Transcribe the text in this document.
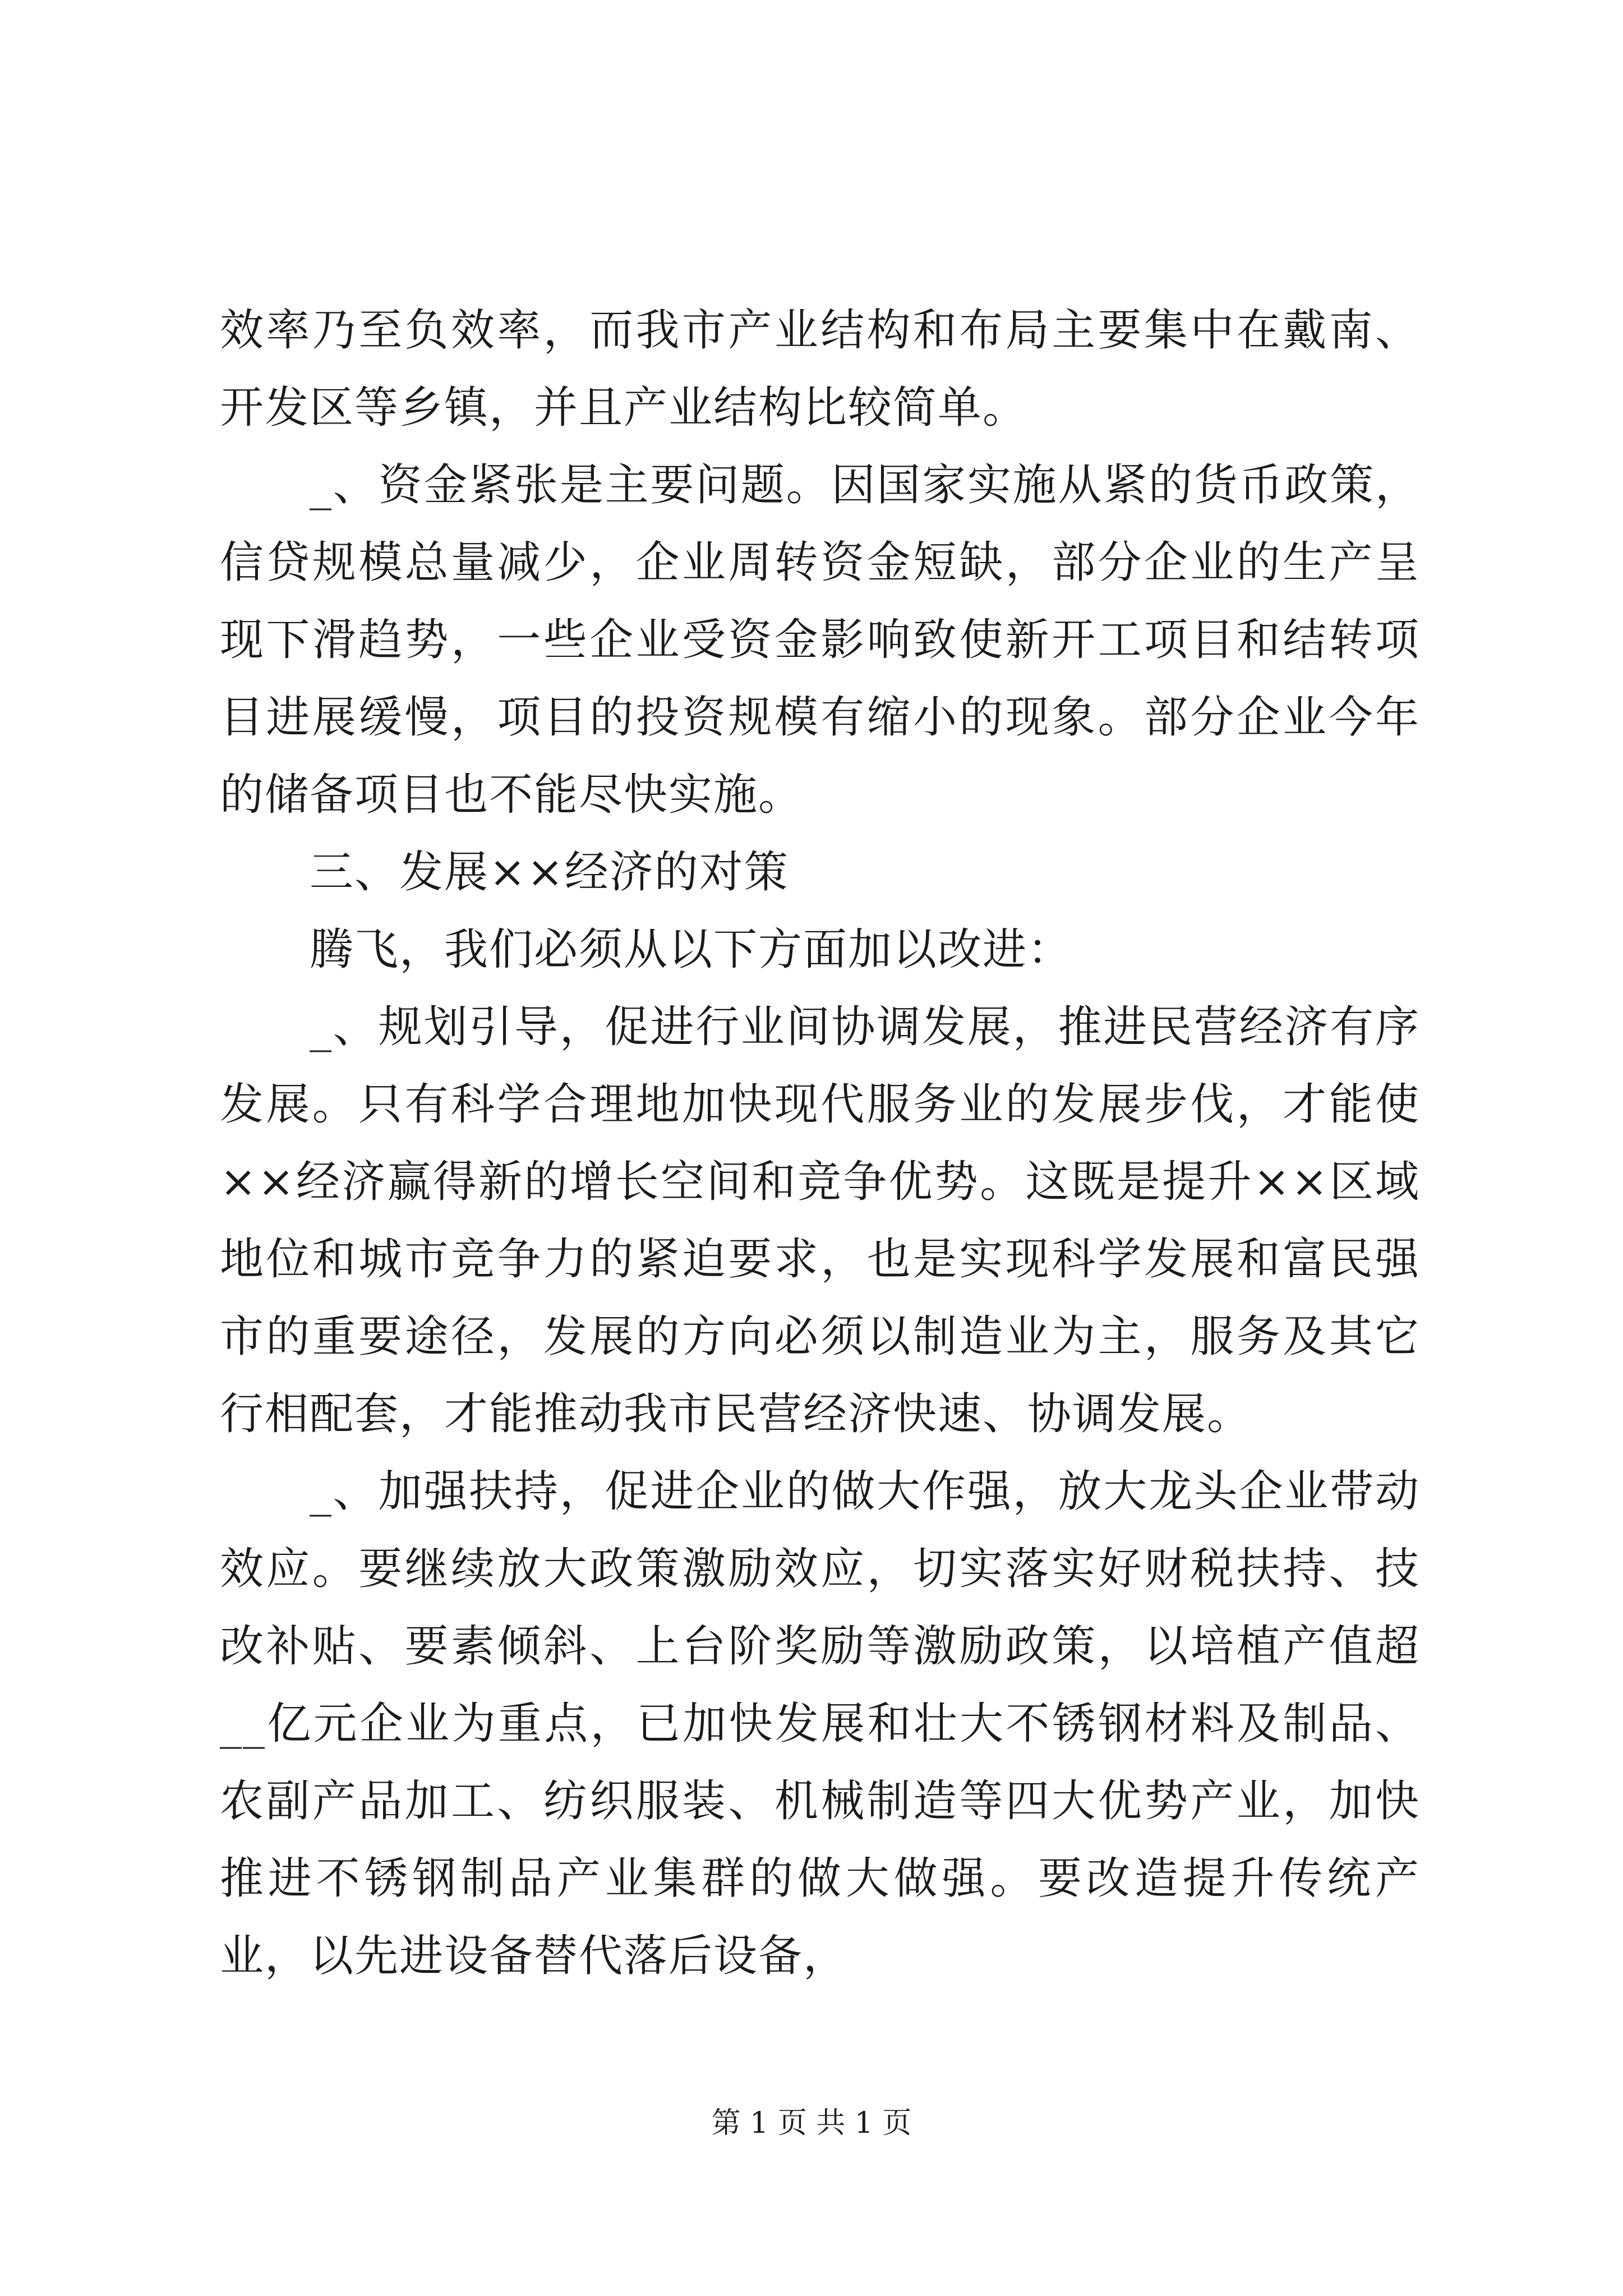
效率乃至负效率，而我市产业结构和布局主要集中在戴南、开发区等乡镇，并且产业结构比较简单。

_、资金紧张是主要问题。因国家实施从紧的货币政策，信贷规模总量减少，企业周转资金短缺，部分企业的生产呈现下滑趋势，一些企业受资金影响致使新开工项目和结转项目进展缓慢，项目的投资规模有缩小的现象。部分企业今年的储备项目也不能尽快实施。

三、发展××经济的对策

腾飞，我们必须从以下方面加以改进：

_、规划引导，促进行业间协调发展，推进民营经济有序发展。只有科学合理地加快现代服务业的发展步伐，才能使××经济赢得新的增长空间和竞争优势。这既是提升××区域地位和城市竞争力的紧迫要求，也是实现科学发展和富民强市的重要途径，发展的方向必须以制造业为主，服务及其它行相配套，才能推动我市民营经济快速、协调发展。

_、加强扶持，促进企业的做大作强，放大龙头企业带动效应。要继续放大政策激励效应，切实落实好财税扶持、技改补贴、要素倾斜、上台阶奖励等激励政策，以培植产值超__亿元企业为重点，已加快发展和壮大不锈钢材料及制品、农副产品加工、纺织服装、机械制造等四大优势产业，加快推进不锈钢制品产业集群的做大做强。要改造提升传统产业，以先进设备替代落后设备，

第 1 页 共 1 页
